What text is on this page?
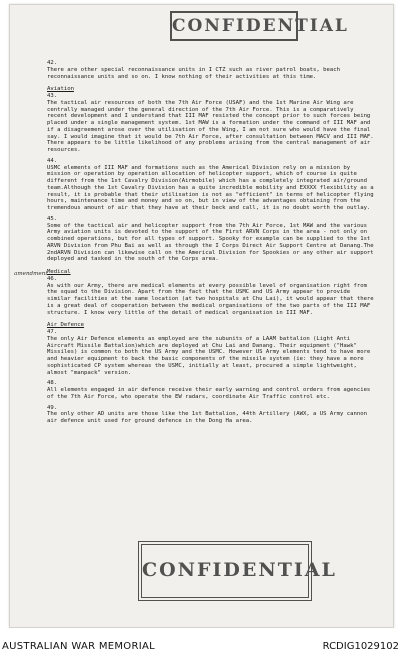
CONFIDENTIAL

42.
There are other special reconnaissance units in I CTZ such as river patrol boats, beach reconnaissance units and so on. I know nothing of their activities at this time.

Aviation

43.
The tactical air resources of both the 7th Air Force (USAF) and the 1st Marine Air Wing are centrally managed under the general direction of the 7th Air Force. This is a comparatively recent development and I understand that III MAF resisted the concept prior to such forces being placed under a single management system. 1st MAW is a formation under the command of III MAF and if a disagreement arose over the utilisation of the Wing, I am not sure who would have the final say. I would imagine that it would be 7th Air Force, after consultation between MACV and III MAF. There appears to be little likelihood of any problems arising from the central management of air resources.

44.
USMC elements of III MAF and formations such as the Americal Division rely on a mission by mission or operation by operation allocation of helicopter support, which of course is quite different from the 1st Cavalry Division(Airmobile) which has a completely integrated air/ground team.Although the 1st Cavalry Division has a quite incredible mobility and EXXXX flexibility as a result, it is probable that their utilisation is not as "efficient" in terms of helicopter flying hours, maintenance time and money and so on, but in view of the advantages obtaining from the tremendous amount of air that they have at their beck and call, it is no doubt worth the outlay.

45.
Some of the tactical air and helicopter support from the 7th Air Force, 1st MAW and the various Army aviation units is devoted to the support of the First ARVN Corps in the area - not only on combined operations, but for all types of support. Spooky for example can be supplied to the 1st ARVN Division from Phu Bai as well as through the I Corps Direct Air Support Centre at Danang.The 2ndARVN Division can likewise call on the Americal Division for Spookies or any other air support deployed and tasked in the south of the Corps area.

Medical

46.
As with our Army, there are medical elements at every possible level of organisation right from the squad to the Division. Apart from the fact that the USMC and US Army appear to provide similar facilities at the same location (at two hospitals at Chu Lai), it would appear that there is a great deal of cooperation between the medical organisations of the two parts of the III MAF structure. I know very little of the detail of medical organisation in III MAF.

Air Defence

47.
The only Air Defence elements as employed are the subunits of a LAAM battalion (Light Anti Aircraft Missile Battalion)which are deployed at Chu Lai and Danang. Their equipment ("Hawk" Missiles) is common to both the US Army and the USMC. However US Army elements tend to have more and heavier equipment to back the basic components of the missile system (ie: they have a more sophisticated CP system whereas the USMC, initially at least, procured a simple lightweight, almost "manpack" version.

48.
All elements engaged in air defence receive their early warning and control orders from agencies of the 7th Air Force, who operate the EW radars, coordinate Air Traffic control etc.

49.
The only other AD units are those like the 1st Battalion, 44th Artillery (AWX, a US Army cannon air defence unit used for ground defence in the Dong Ha area.

CONFIDENTIAL
amendment
AUSTRALIAN WAR MEMORIAL	RCDIG1029102
